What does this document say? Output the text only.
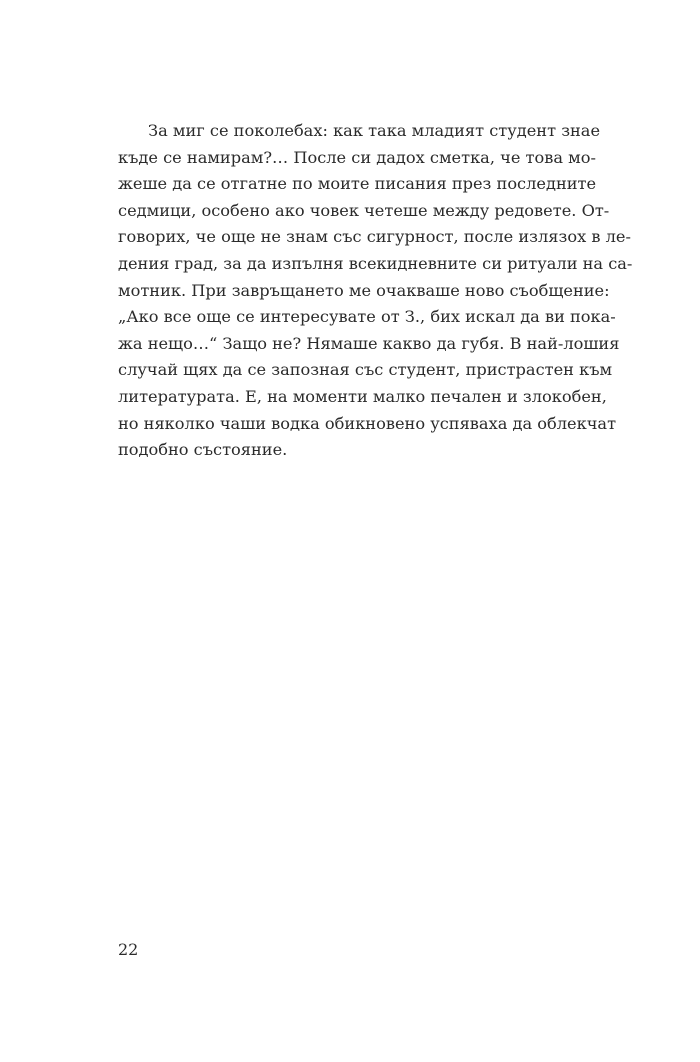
За миг се поколебах: как така младият студент знае
къде се намирам?… После си дадох сметка, че това мо-
жеше да се отгатне по моите писания през последните
седмици, особено ако човек четеше между редовете. От-
говорих, че още не знам със сигурност, после излязох в ле-
дения град, за да изпълня всекидневните си ритуали на са-
мотник. При завръщането ме очакваше ново съобщение:
„Ако все още се интересувате от З., бих искал да ви пока-
жа нещо…“ Защо не? Нямаше какво да губя. В най-лошия
случай щях да се запозная със студент, пристрастен към
литературата. Е, на моменти малко печален и злокобен,
но няколко чаши водка обикновено успяваха да облекчат
подобно състояние.
22
